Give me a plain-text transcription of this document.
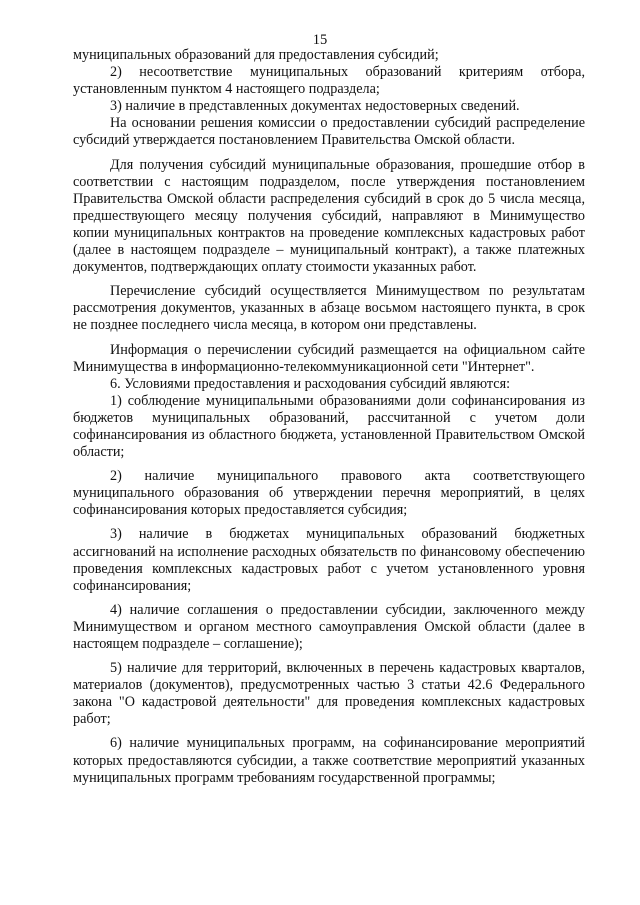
15

муниципальных образований для предоставления субсидий;

2) несоответствие муниципальных образований критериям отбора, установленным пунктом 4 настоящего подраздела;

3) наличие в представленных документах недостоверных сведений.

На основании решения комиссии о предоставлении субсидий распределение субсидий утверждается постановлением Правительства Омской области.

Для получения субсидий муниципальные образования, прошедшие отбор в соответствии с настоящим подразделом, после утверждения постановлением Правительства Омской области распределения субсидий в срок до 5 числа месяца, предшествующего месяцу получения субсидий, направляют в Минимущество копии муниципальных контрактов на проведение комплексных кадастровых работ (далее в настоящем подразделе – муниципальный контракт), а также платежных документов, подтверждающих оплату стоимости указанных работ.

Перечисление субсидий осуществляется Минимуществом по результатам рассмотрения документов, указанных в абзаце восьмом настоящего пункта, в срок не позднее последнего числа месяца, в котором они представлены.

Информация о перечислении субсидий размещается на официальном сайте Минимущества в информационно-телекоммуникационной сети "Интернет".

6. Условиями предоставления и расходования субсидий являются:

1) соблюдение муниципальными образованиями доли софинансирования из бюджетов муниципальных образований, рассчитанной с учетом доли софинансирования из областного бюджета, установленной Правительством Омской области;

2) наличие муниципального правового акта соответствующего муниципального образования об утверждении перечня мероприятий, в целях софинансирования которых предоставляется субсидия;

3) наличие в бюджетах муниципальных образований бюджетных ассигнований на исполнение расходных обязательств по финансовому обеспечению проведения комплексных кадастровых работ с учетом установленного уровня софинансирования;

4) наличие соглашения о предоставлении субсидии, заключенного между Минимуществом и органом местного самоуправления Омской области (далее в настоящем подразделе – соглашение);

5) наличие для территорий, включенных в перечень кадастровых кварталов, материалов (документов), предусмотренных частью 3 статьи 42.6 Федерального закона "О кадастровой деятельности" для проведения комплексных кадастровых работ;

6) наличие муниципальных программ, на софинансирование мероприятий которых предоставляются субсидии, а также соответствие мероприятий указанных муниципальных программ требованиям государственной программы;
